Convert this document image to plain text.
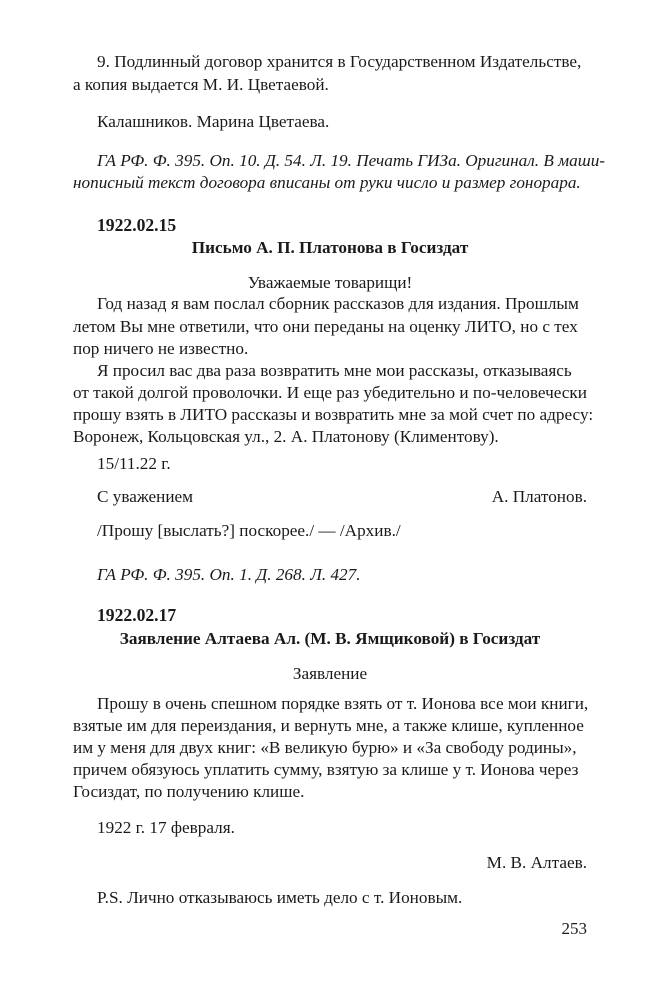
9. Подлинный договор хранится в Государственном Издательстве,
а копия выдается М. И. Цветаевой.
Калашников. Марина Цветаева.
ГА РФ. Ф. 395. Оп. 10. Д. 54. Л. 19. Печать ГИЗа. Оригинал. В маши-
нописный текст договора вписаны от руки число и размер гонорара.
1922.02.15
Письмо А. П. Платонова в Госиздат
Уважаемые товарищи!
Год назад я вам послал сборник рассказов для издания. Прошлым
летом Вы мне ответили, что они переданы на оценку ЛИТО, но с тех
пор ничего не известно.
Я просил вас два раза возвратить мне мои рассказы, отказываясь
от такой долгой проволочки. И еще раз убедительно и по-человечески
прошу взять в ЛИТО рассказы и возвратить мне за мой счет по адресу:
Воронеж, Кольцовская ул., 2. А. Платонову (Климентову).
15/11.22 г.
С уважением	А. Платонов.
/Прошу [выслать?] поскорее./ — /Архив./
ГА РФ. Ф. 395. Оп. 1. Д. 268. Л. 427.
1922.02.17
Заявление Алтаева Ал. (М. В. Ямщиковой) в Госиздат
Заявление
Прошу в очень спешном порядке взять от т. Ионова все мои книги,
взятые им для переиздания, и вернуть мне, а также клише, купленное
им у меня для двух книг: «В великую бурю» и «За свободу родины»,
причем обязуюсь уплатить сумму, взятую за клише у т. Ионова через
Госиздат, по получению клише.
1922 г. 17 февраля.
М. В. Алтаев.
P.S. Лично отказываюсь иметь дело с т. Ионовым.
253
